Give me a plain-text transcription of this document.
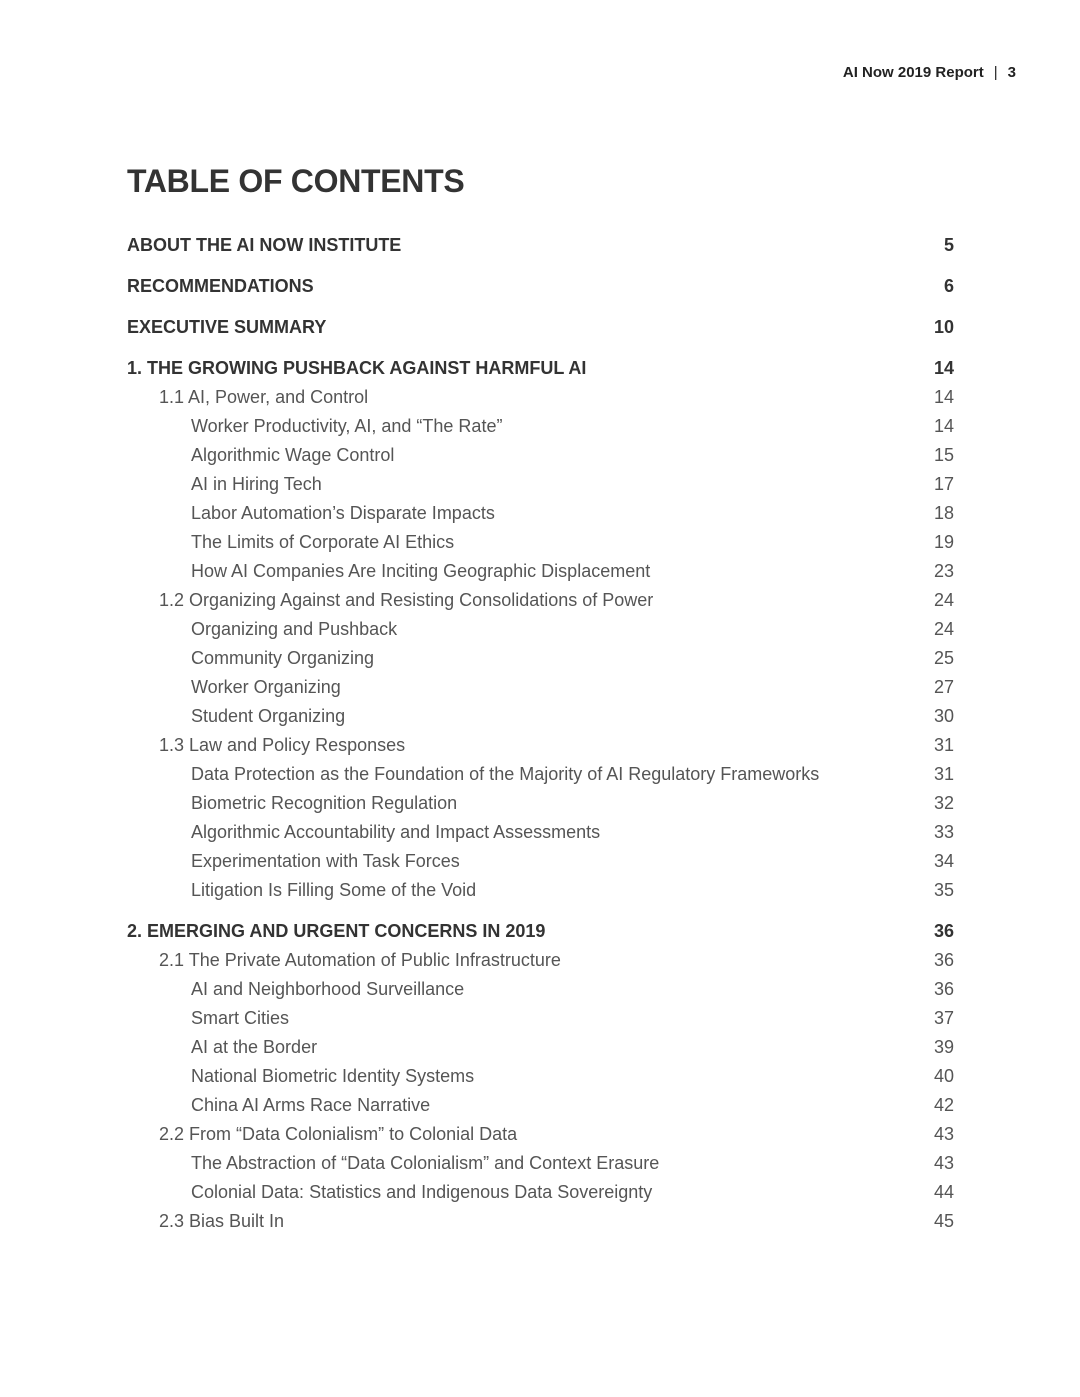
AI Now 2019 Report | 3
TABLE OF CONTENTS
ABOUT THE AI NOW INSTITUTE	5
RECOMMENDATIONS	6
EXECUTIVE SUMMARY	10
1. THE GROWING PUSHBACK AGAINST HARMFUL AI	14
1.1 AI, Power, and Control	14
Worker Productivity, AI, and “The Rate”	14
Algorithmic Wage Control	15
AI in Hiring Tech	17
Labor Automation’s Disparate Impacts	18
The Limits of Corporate AI Ethics	19
How AI Companies Are Inciting Geographic Displacement	23
1.2 Organizing Against and Resisting Consolidations of Power	24
Organizing and Pushback	24
Community Organizing	25
Worker Organizing	27
Student Organizing	30
1.3 Law and Policy Responses	31
Data Protection as the Foundation of the Majority of AI Regulatory Frameworks	31
Biometric Recognition Regulation	32
Algorithmic Accountability and Impact Assessments	33
Experimentation with Task Forces	34
Litigation Is Filling Some of the Void	35
2. EMERGING AND URGENT CONCERNS IN 2019	36
2.1 The Private Automation of Public Infrastructure	36
AI and Neighborhood Surveillance	36
Smart Cities	37
AI at the Border	39
National Biometric Identity Systems	40
China AI Arms Race Narrative	42
2.2 From “Data Colonialism” to Colonial Data	43
The Abstraction of “Data Colonialism” and Context Erasure	43
Colonial Data: Statistics and Indigenous Data Sovereignty	44
2.3 Bias Built In	45
